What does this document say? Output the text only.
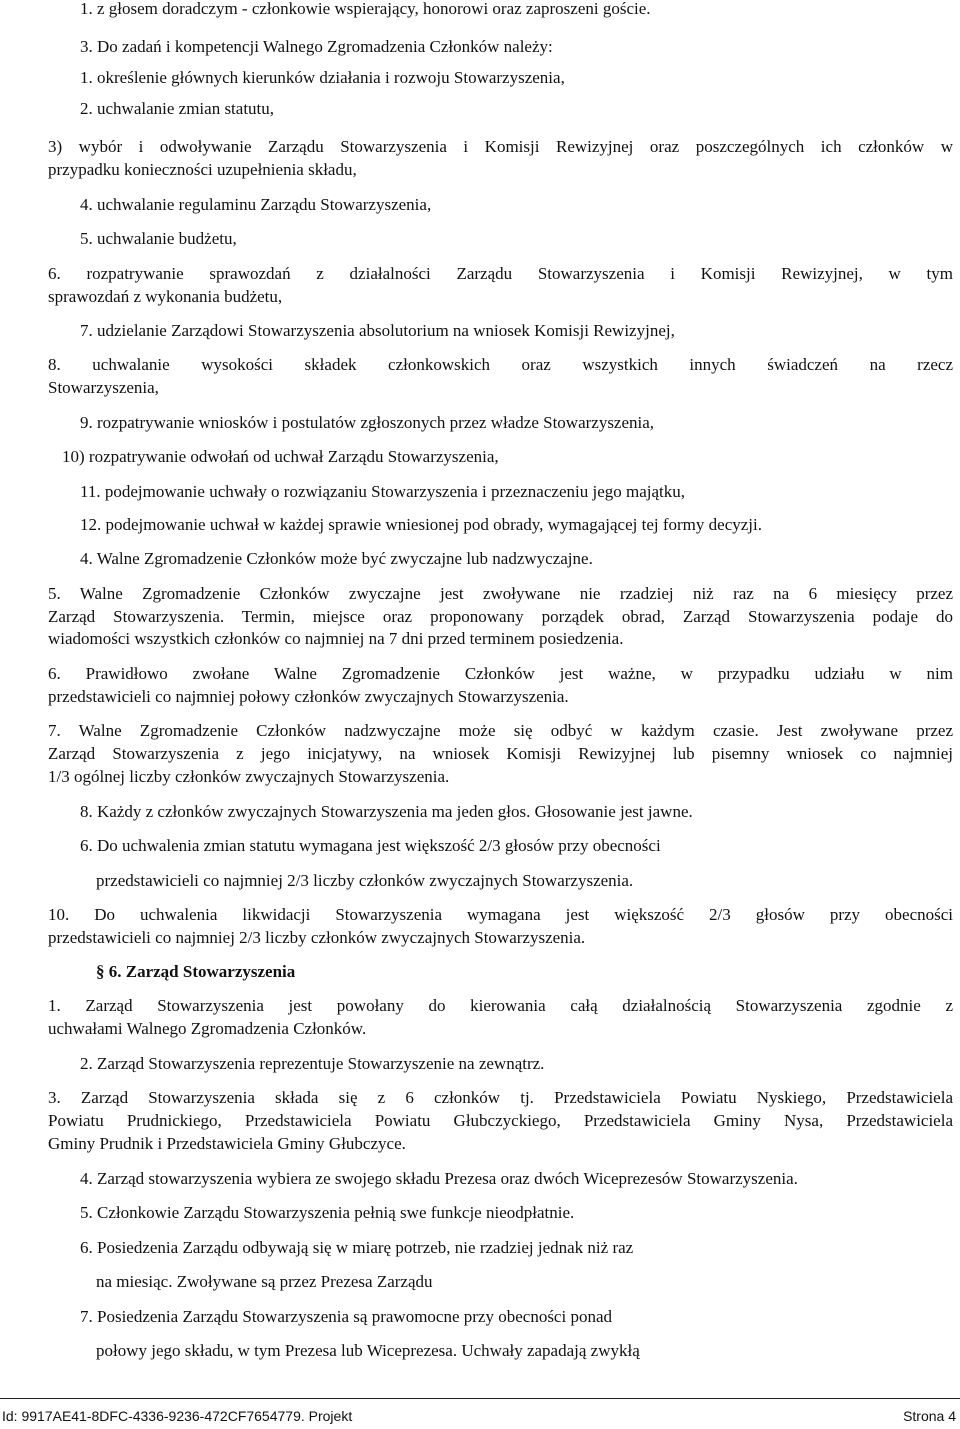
1. z głosem doradczym - członkowie wspierający, honorowi oraz zaproszeni goście.
3. Do zadań i kompetencji Walnego Zgromadzenia Członków należy:
1. określenie głównych kierunków działania i rozwoju Stowarzyszenia,
2. uchwalanie zmian statutu,
3) wybór i odwoływanie Zarządu Stowarzyszenia i Komisji Rewizyjnej oraz poszczególnych ich członków w
przypadku konieczności uzupełnienia składu,
4. uchwalanie regulaminu Zarządu Stowarzyszenia,
5. uchwalanie budżetu,
6. rozpatrywanie sprawozdań z działalności Zarządu Stowarzyszenia i Komisji Rewizyjnej, w tym
sprawozdań z wykonania budżetu,
7. udzielanie Zarządowi Stowarzyszenia absolutorium na wniosek Komisji Rewizyjnej,
8. uchwalanie wysokości składek członkowskich oraz wszystkich innych świadczeń na rzecz
Stowarzyszenia,
9. rozpatrywanie wniosków i postulatów zgłoszonych przez władze Stowarzyszenia,
10) rozpatrywanie odwołań od uchwał Zarządu Stowarzyszenia,
11. podejmowanie uchwały o rozwiązaniu Stowarzyszenia i przeznaczeniu jego majątku,
12. podejmowanie uchwał w każdej sprawie wniesionej pod obrady, wymagającej tej formy decyzji.
4. Walne Zgromadzenie Członków może być zwyczajne lub nadzwyczajne.
5. Walne Zgromadzenie Członków zwyczajne jest zwoływane nie rzadziej niż raz na 6 miesięcy przez
Zarząd Stowarzyszenia. Termin, miejsce oraz proponowany porządek obrad, Zarząd Stowarzyszenia podaje do
wiadomości wszystkich członków co najmniej na 7 dni przed terminem posiedzenia.
6. Prawidłowo zwołane Walne Zgromadzenie Członków jest ważne, w przypadku udziału w nim
przedstawicieli co najmniej połowy członków zwyczajnych Stowarzyszenia.
7. Walne Zgromadzenie Członków nadzwyczajne może się odbyć w każdym czasie. Jest zwoływane przez
Zarząd Stowarzyszenia z jego inicjatywy, na wniosek Komisji Rewizyjnej lub pisemny wniosek co najmniej
1/3 ogólnej liczby członków zwyczajnych Stowarzyszenia.
8. Każdy z członków zwyczajnych Stowarzyszenia ma jeden głos. Głosowanie jest jawne.
6. Do uchwalenia zmian statutu wymagana jest większość 2/3 głosów przy obecności
przedstawicieli co najmniej 2/3 liczby członków zwyczajnych Stowarzyszenia.
10. Do uchwalenia likwidacji Stowarzyszenia wymagana jest większość 2/3 głosów przy obecności
przedstawicieli co najmniej 2/3 liczby członków zwyczajnych Stowarzyszenia.
§ 6. Zarząd Stowarzyszenia
1. Zarząd Stowarzyszenia jest powołany do kierowania całą działalnością Stowarzyszenia zgodnie z
uchwałami Walnego Zgromadzenia Członków.
2. Zarząd Stowarzyszenia reprezentuje Stowarzyszenie na zewnątrz.
3. Zarząd Stowarzyszenia składa się z 6 członków tj. Przedstawiciela Powiatu Nyskiego, Przedstawiciela
Powiatu Prudnickiego, Przedstawiciela Powiatu Głubczyckiego, Przedstawiciela Gminy Nysa, Przedstawiciela
Gminy Prudnik i Przedstawiciela Gminy Głubczyce.
4. Zarząd stowarzyszenia wybiera ze swojego składu Prezesa oraz dwóch Wiceprezesów Stowarzyszenia.
5. Członkowie Zarządu Stowarzyszenia pełnią swe funkcje nieodpłatnie.
6. Posiedzenia Zarządu odbywają się w miarę potrzeb, nie rzadziej jednak niż raz
na miesiąc. Zwoływane są przez Prezesa Zarządu
7. Posiedzenia Zarządu Stowarzyszenia są prawomocne przy obecności ponad
połowy jego składu, w tym Prezesa lub Wiceprezesa. Uchwały zapadają zwykłą
Id: 9917AE41-8DFC-4336-9236-472CF7654779. Projekt	Strona 4
